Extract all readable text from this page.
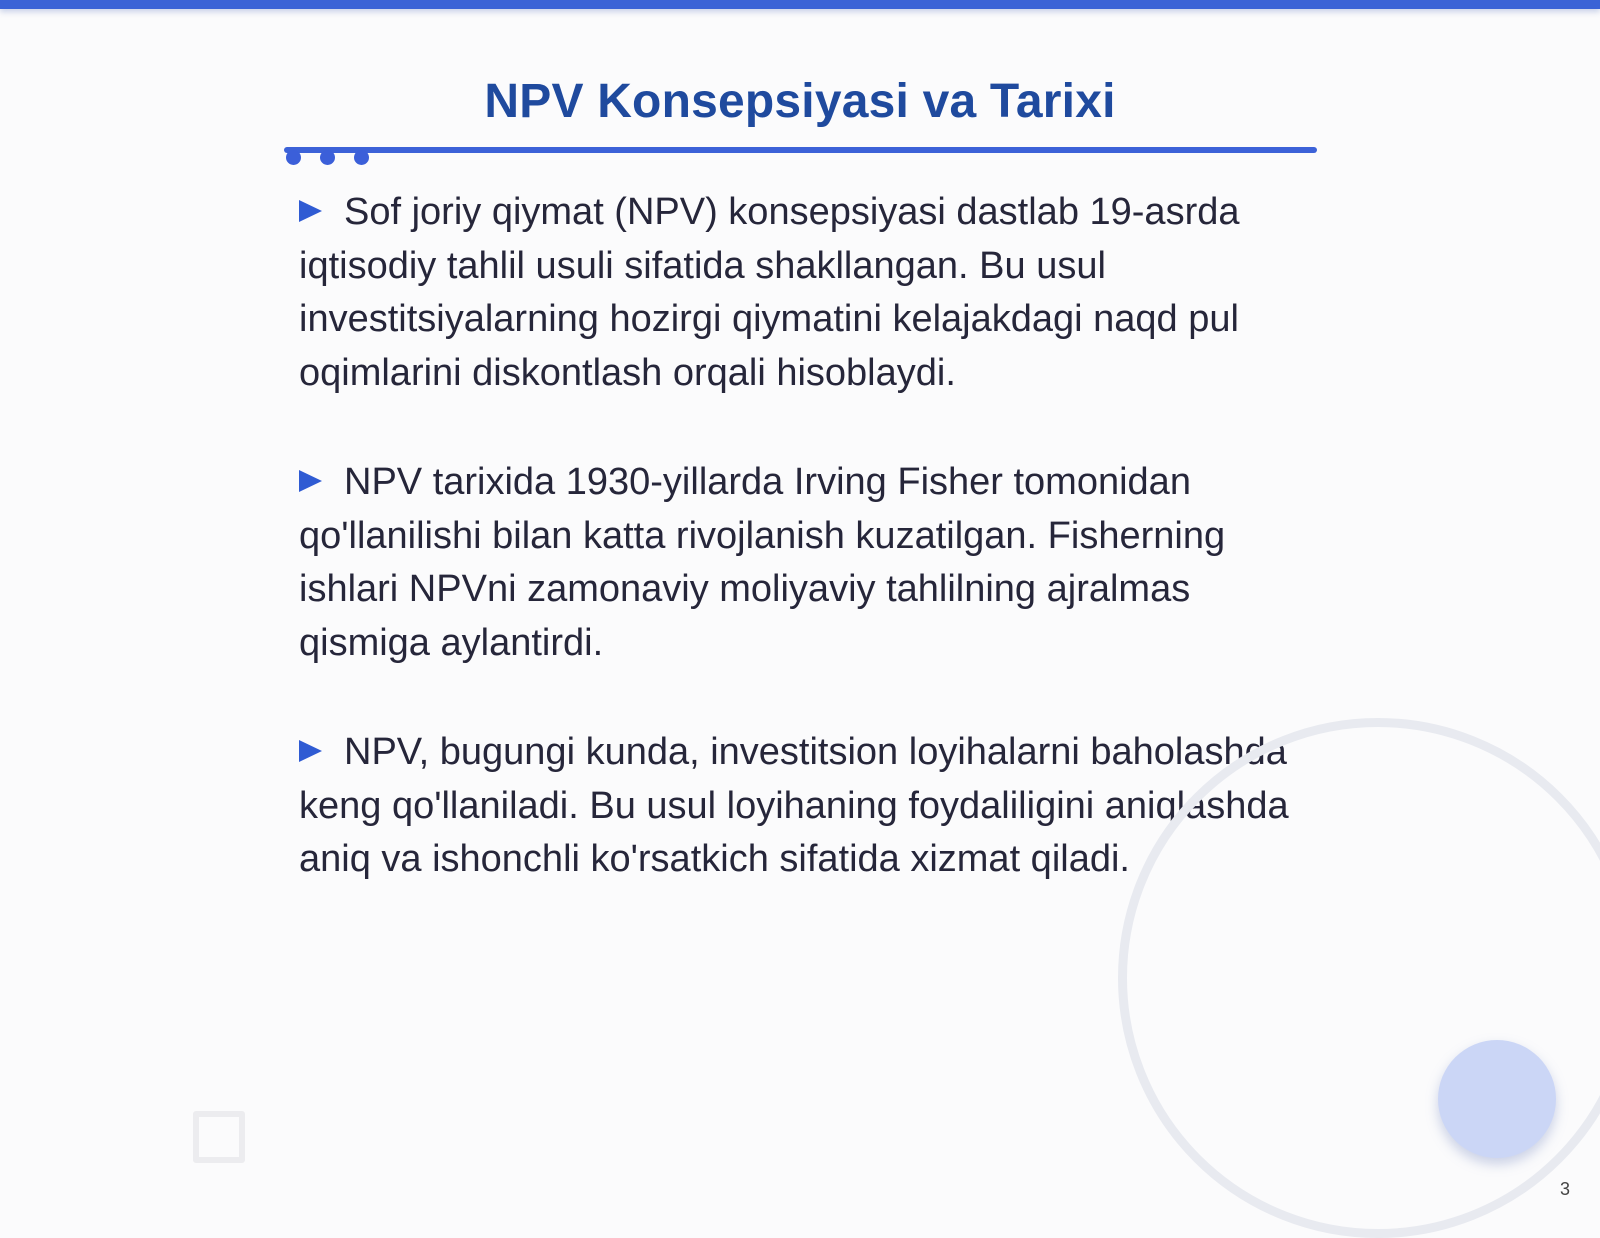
NPV Konsepsiyasi va Tarixi
Sof joriy qiymat (NPV) konsepsiyasi dastlab 19-asrda iqtisodiy tahlil usuli sifatida shakllangan. Bu usul investitsiyalarning hozirgi qiymatini kelajakdagi naqd pul oqimlarini diskontlash orqali hisoblaydi.
NPV tarixida 1930-yillarda Irving Fisher tomonidan qo'llanilishi bilan katta rivojlanish kuzatilgan. Fisherning ishlari NPVni zamonaviy moliyaviy tahlilning ajralmas qismiga aylantirdi.
NPV, bugungi kunda, investitsion loyihalarni baholashda keng qo'llaniladi. Bu usul loyihaning foydaliligini aniqlashda aniq va ishonchli ko'rsatkich sifatida xizmat qiladi.
3
